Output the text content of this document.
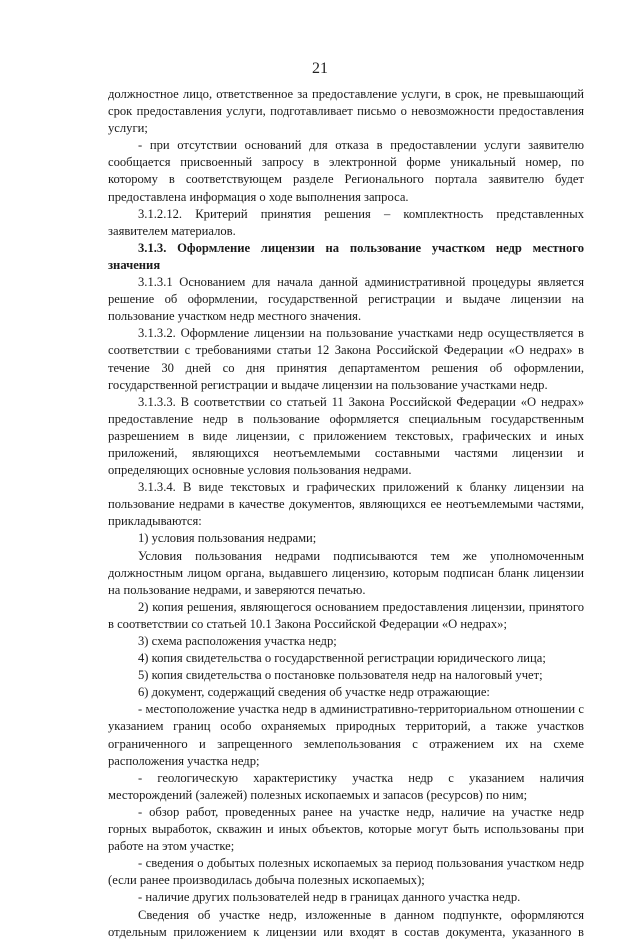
21

должностное лицо, ответственное за предоставление услуги, в срок, не превышающий срок предоставления услуги, подготавливает письмо о невозможности предоставления услуги;

- при отсутствии оснований для отказа в предоставлении услуги заявителю сообщается присвоенный запросу в электронной форме уникальный номер, по которому в соответствующем разделе Регионального портала заявителю будет предоставлена информация о ходе выполнения запроса.

3.1.2.12. Критерий принятия решения – комплектность представленных заявителем материалов.

3.1.3. Оформление лицензии на пользование участком недр местного значения

3.1.3.1 Основанием для начала данной административной процедуры является решение об оформлении, государственной регистрации и выдаче лицензии на пользование участком недр местного значения.

3.1.3.2. Оформление лицензии на пользование участками недр осуществляется в соответствии с требованиями статьи 12 Закона Российской Федерации «О недрах» в течение 30 дней со дня принятия департаментом решения об оформлении, государственной регистрации и выдаче лицензии на пользование участками недр.

3.1.3.3. В соответствии со статьей 11 Закона Российской Федерации «О недрах» предоставление недр в пользование оформляется специальным государственным разрешением в виде лицензии, с приложением текстовых, графических и иных приложений, являющихся неотъемлемыми составными частями лицензии и определяющих основные условия пользования недрами.

3.1.3.4. В виде текстовых и графических приложений к бланку лицензии на пользование недрами в качестве документов, являющихся ее неотъемлемыми частями, прикладываются:

1) условия пользования недрами;

Условия пользования недрами подписываются тем же уполномоченным должностным лицом органа, выдавшего лицензию, которым подписан бланк лицензии на пользование недрами, и заверяются печатью.

2) копия решения, являющегося основанием предоставления лицензии, принятого в соответствии со статьей 10.1 Закона Российской Федерации «О недрах»;

3) схема расположения участка недр;

4) копия свидетельства о государственной регистрации юридического лица;

5) копия свидетельства о постановке пользователя недр на налоговый учет;

6) документ, содержащий сведения об участке недр отражающие:

- местоположение участка недр в административно-территориальном отношении с указанием границ особо охраняемых природных территорий, а также участков ограниченного и запрещенного землепользования с отражением их на схеме расположения участка недр;

- геологическую характеристику участка недр с указанием наличия месторождений (залежей) полезных ископаемых и запасов (ресурсов) по ним;

- обзор работ, проведенных ранее на участке недр, наличие на участке недр горных выработок, скважин и иных объектов, которые могут быть использованы при работе на этом участке;

- сведения о добытых полезных ископаемых за период пользования участком недр (если ранее производилась добыча полезных ископаемых);

- наличие других пользователей недр в границах данного участка недр.

Сведения об участке недр, изложенные в данном подпункте, оформляются отдельным приложением к лицензии или входят в состав документа, указанного в
